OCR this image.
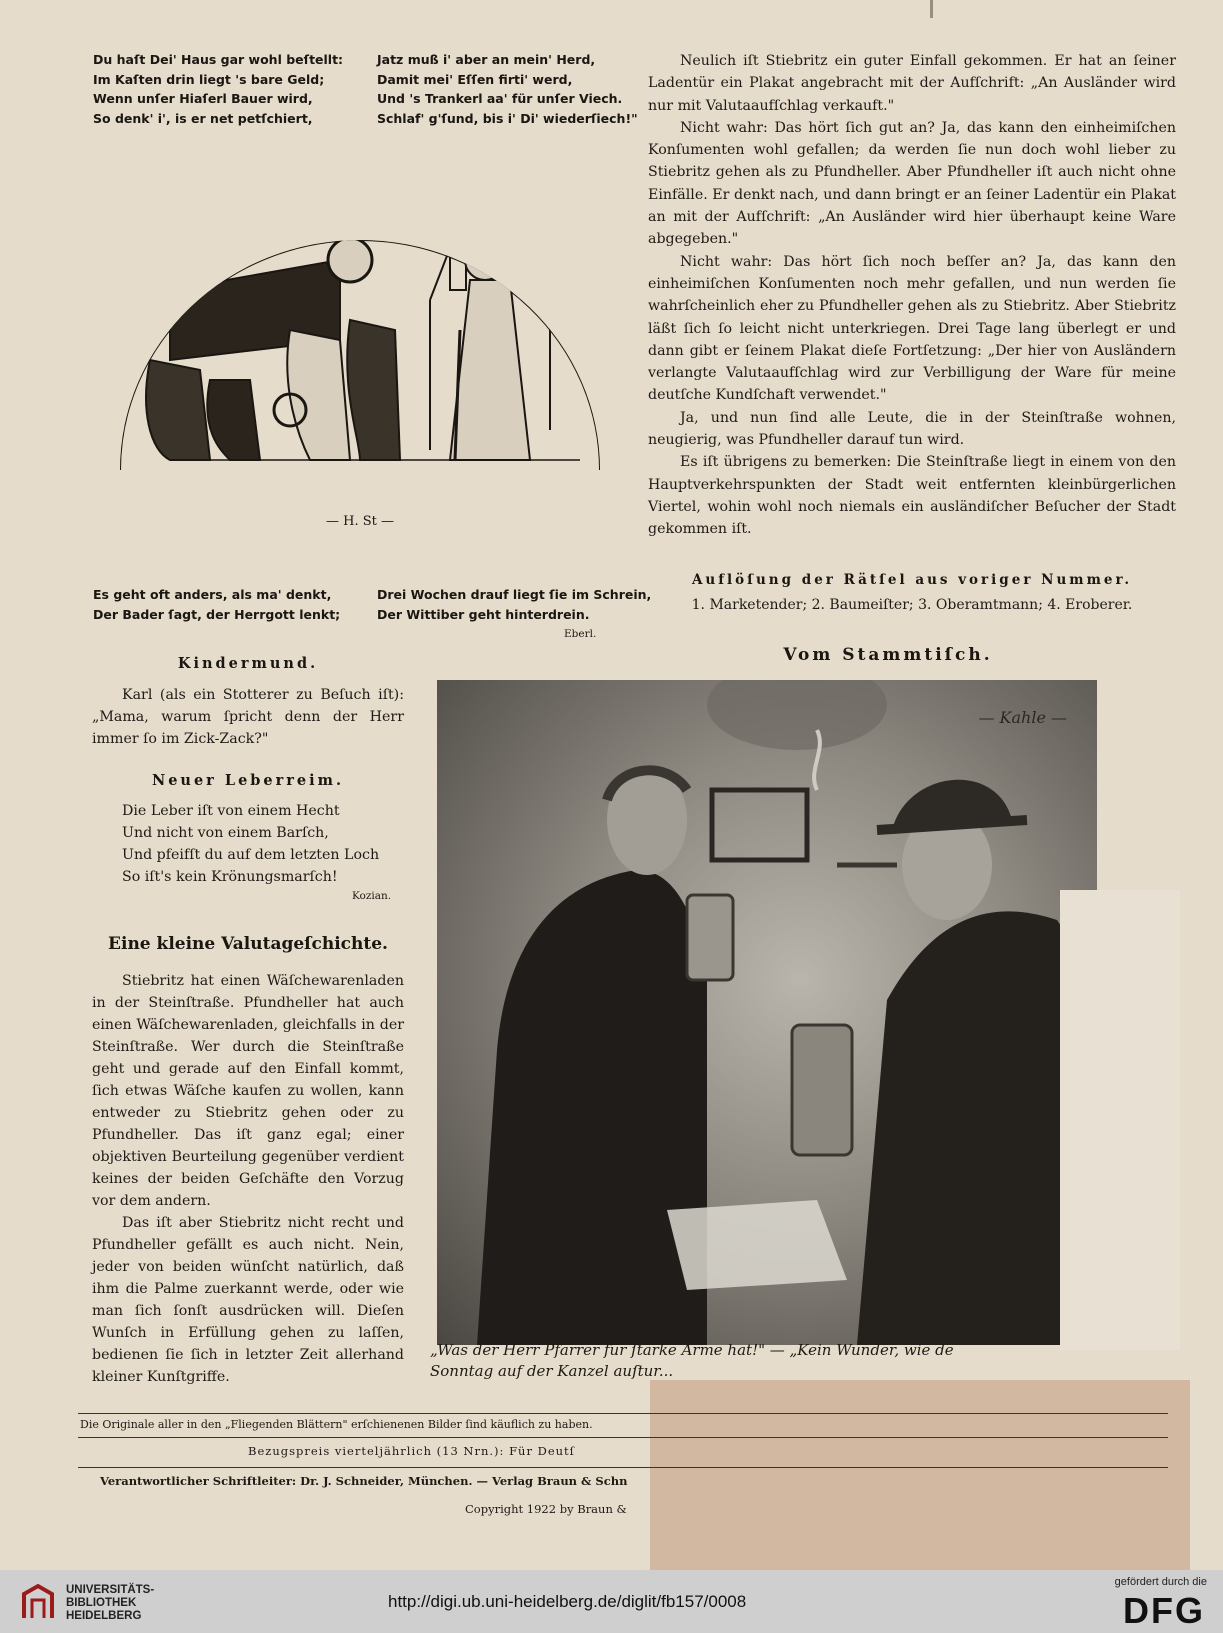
Du haſt Dei' Haus gar wohl beſtellt:
Im Kaſten drin liegt 's bare Geld;
Wenn unſer Hiaſerl Bauer wird,
So denk' i', is er net petſchiert,
Jatz muß i' aber an mein' Herd,
Damit mei' Eſſen firti' werd,
Und 's Trankerl aa' für unſer Viech.
Schlaf' g'ſund, bis i' Di' wiederſiech!"
— H. St —
Es geht oft anders, als ma' denkt,
Der Bader ſagt, der Herrgott lenkt;
Drei Wochen drauf liegt ſie im Schrein,
Der Wittiber geht hinterdrein.
Eberl.

Neulich iſt Stiebritz ein guter Einfall gekommen. Er hat an ſeiner Ladentür ein Plakat angebracht mit der Aufſchrift: „An Ausländer wird nur mit Valutaaufſchlag verkauft."

Nicht wahr: Das hört ſich gut an? Ja, das kann den einheimiſchen Konſumenten wohl gefallen; da werden ſie nun doch wohl lieber zu Stiebritz gehen als zu Pfundheller. Aber Pfundheller iſt auch nicht ohne Einfälle. Er denkt nach, und dann bringt er an ſeiner Ladentür ein Plakat an mit der Aufſchrift: „An Ausländer wird hier überhaupt keine Ware abgegeben."

Nicht wahr: Das hört ſich noch beſſer an? Ja, das kann den einheimiſchen Konſumenten noch mehr gefallen, und nun werden ſie wahrſcheinlich eher zu Pfundheller gehen als zu Stiebritz. Aber Stiebritz läßt ſich ſo leicht nicht unterkriegen. Drei Tage lang überlegt er und dann gibt er ſeinem Plakat dieſe Fortſetzung: „Der hier von Ausländern verlangte Valutaaufſchlag wird zur Verbilligung der Ware für meine deutſche Kundſchaft verwendet."

Ja, und nun ſind alle Leute, die in der Steinſtraße wohnen, neugierig, was Pfundheller darauf tun wird.

Es iſt übrigens zu bemerken: Die Steinſtraße liegt in einem von den Hauptverkehrspunkten der Stadt weit entfernten kleinbürgerlichen Viertel, wohin wohl noch niemals ein ausländiſcher Beſucher der Stadt gekommen iſt.

Auflöſung der Rätſel aus voriger Nummer.
1. Marketender; 2. Baumeiſter; 3. Oberamtmann; 4. Eroberer.
Vom Stammtiſch.
Kindermund.

Karl (als ein Stotterer zu Beſuch iſt): „Mama, warum ſpricht denn der Herr immer ſo im Zick-Zack?"

Neuer Leberreim.
Die Leber iſt von einem Hecht
Und nicht von einem Barſch,
Und pfeifſt du auf dem letzten Loch
So iſt's kein Krönungsmarſch!
Kozian.
Eine kleine Valutageſchichte.

Stiebritz hat einen Wäſchewarenladen in der Steinſtraße. Pfundheller hat auch einen Wäſchewarenladen, gleichfalls in der Steinſtraße. Wer durch die Steinſtraße geht und gerade auf den Einfall kommt, ſich etwas Wäſche kaufen zu wollen, kann entweder zu Stiebritz gehen oder zu Pfundheller. Das iſt ganz egal; einer objektiven Beurteilung gegenüber verdient keines der beiden Geſchäfte den Vorzug vor dem andern.

Das iſt aber Stiebritz nicht recht und Pfundheller gefällt es auch nicht. Nein, jeder von beiden wünſcht natürlich, daß ihm die Palme zuerkannt werde, oder wie man ſich ſonſt ausdrücken will. Dieſen Wunſch in Erfüllung gehen zu laſſen, bedienen ſie ſich in letzter Zeit allerhand kleiner Kunſtgriffe.

— Kahle —
„Was der Herr Pfarrer für ſtarke Arme hat!" — „Kein Wunder, wie de
Sonntag auf der Kanzel auſtur...
Die Originale aller in den „Fliegenden Blättern" erſchienenen Bilder ſind käuflich zu haben.
Bezugspreis vierteljährlich (13 Nrn.): Für Deutſ
Verantwortlicher Schriftleiter: Dr. J. Schneider, München. — Verlag Braun & Schn
Copyright 1922 by Braun &
UNIVERSITÄTS-
BIBLIOTHEK
HEIDELBERG
http://digi.ub.uni-heidelberg.de/diglit/fb157/0008
gefördert durch die
DFG
